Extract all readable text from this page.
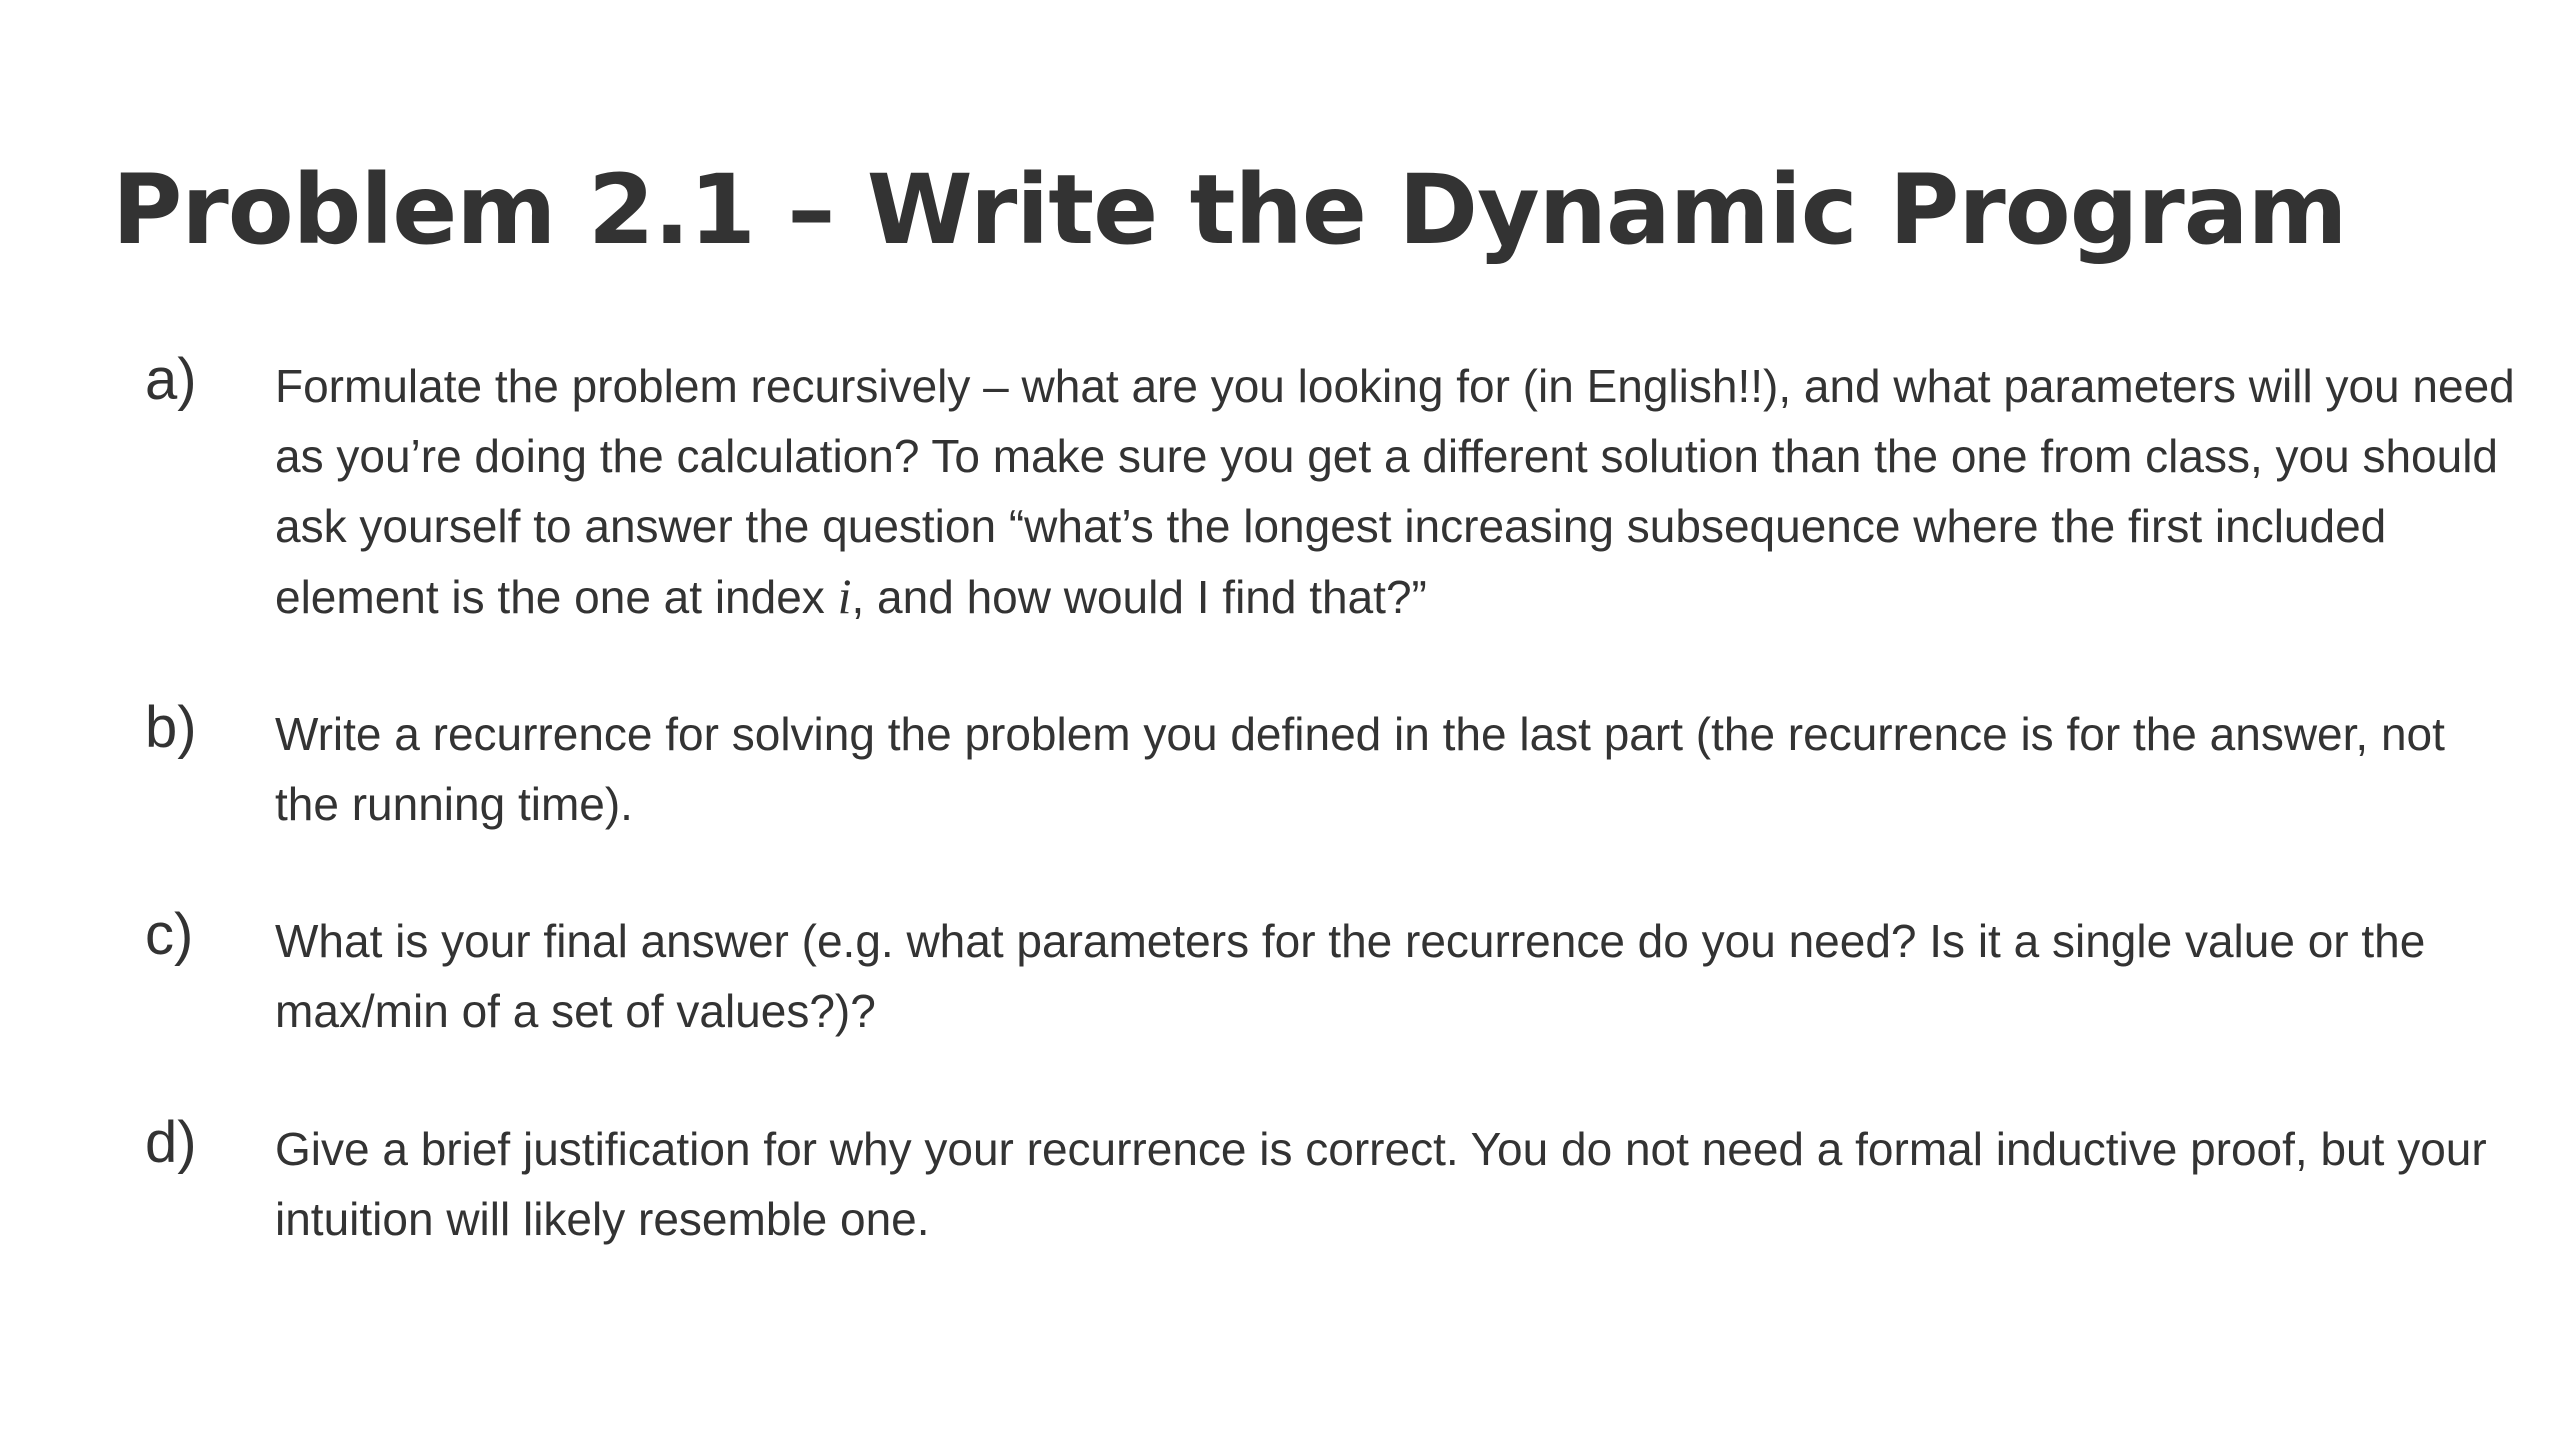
Problem 2.1 – Write the Dynamic Program
a) Formulate the problem recursively – what are you looking for (in English!!), and what parameters will you need as you’re doing the calculation? To make sure you get a different solution than the one from class, you should ask yourself to answer the question “what’s the longest increasing subsequence where the first included element is the one at index i, and how would I find that?”
b) Write a recurrence for solving the problem you defined in the last part (the recurrence is for the answer, not the running time).
c) What is your final answer (e.g. what parameters for the recurrence do you need? Is it a single value or the max/min of a set of values?)?
d) Give a brief justification for why your recurrence is correct. You do not need a formal inductive proof, but your intuition will likely resemble one.
